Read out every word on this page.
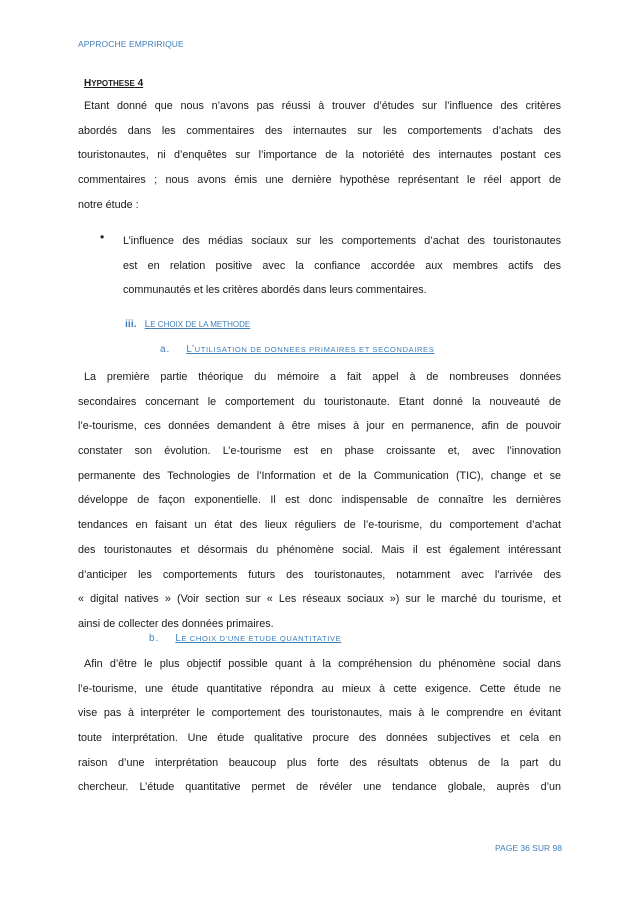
APPROCHE EMPRIRIQUE
HYPOTHESE 4
Etant donné que nous n’avons pas réussi à trouver d’études sur l’influence des critères
abordés dans les commentaires des internautes sur les comportements d’achats des
touristonautes, ni d’enquêtes sur l’importance de la notoriété des internautes postant ces
commentaires ; nous avons émis une dernière hypothèse représentant le réel apport de
notre étude :
• L’influence des médias sociaux sur les comportements d’achat des touristonautes
est en relation positive avec la confiance accordée aux membres actifs des
communautés et les critères abordés dans leurs commentaires.
iii. LE CHOIX DE LA METHODE
a. L’UTILISATION DE DONNEES PRIMAIRES ET SECONDAIRES
La première partie théorique du mémoire a fait appel à de nombreuses données
secondaires concernant le comportement du touristonaute. Etant donné la nouveauté de
l’e-tourisme, ces données demandent à être mises à jour en permanence, afin de pouvoir
constater son évolution. L’e-tourisme est en phase croissante et, avec l’innovation
permanente des Technologies de l’Information et de la Communication (TIC), change et se
développe de façon exponentielle. Il est donc indispensable de connaître les dernières
tendances en faisant un état des lieux réguliers de l’e-tourisme, du comportement d’achat
des touristonautes et désormais du phénomène social. Mais il est également intéressant
d’anticiper les comportements futurs des touristonautes, notamment avec l’arrivée des
« digital natives » (Voir section sur « Les réseaux sociaux ») sur le marché du tourisme, et
ainsi de collecter des données primaires.
b. LE CHOIX D’UNE ETUDE QUANTITATIVE
Afin d’être le plus objectif possible quant à la compréhension du phénomène social dans
l’e-tourisme, une étude quantitative répondra au mieux à cette exigence. Cette étude ne
vise pas à interpréter le comportement des touristonautes, mais à le comprendre en évitant
toute interprétation. Une étude qualitative procure des données subjectives et cela en
raison d’une interprétation beaucoup plus forte des résultats obtenus de la part du
chercheur. L’étude quantitative permet de révéler une tendance globale, auprès d’un
PAGE 36 SUR 98
